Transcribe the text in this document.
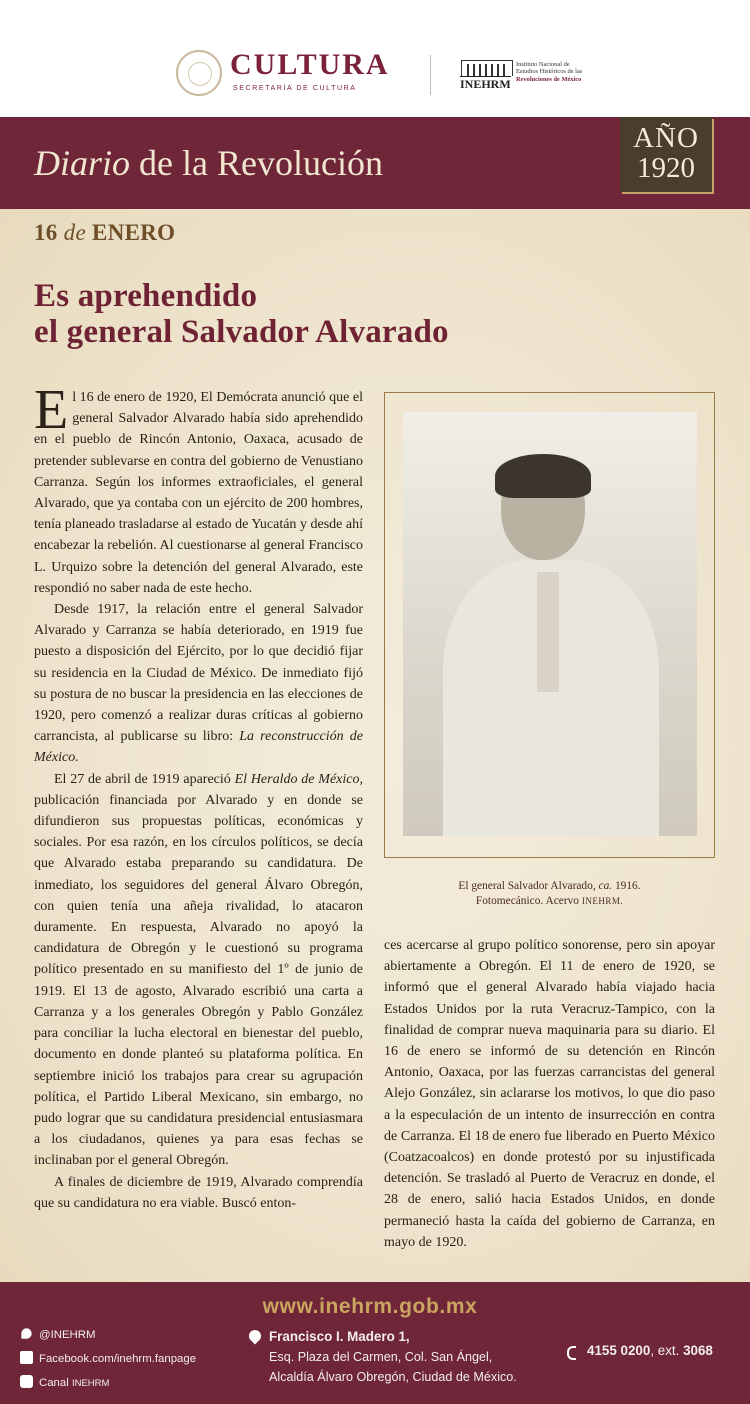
CULTURA
SECRETARÍA DE CULTURA	INEHRM
Instituto Nacional de
Estudios Históricos de las
Revoluciones de México
Diario de la Revolución
AÑO
1920
16 de ENERO
Es aprehendido
el general Salvador Alvarado

El 16 de enero de 1920, El Demócrata anunció que el general Salvador Alvarado había sido aprehendido en el pueblo de Rincón Antonio, Oaxaca, acusado de pretender sublevarse en contra del gobierno de Venustiano Carranza. Según los informes extraoficiales, el general Alvarado, que ya contaba con un ejército de 200 hombres, tenía planeado trasladarse al estado de Yucatán y desde ahí encabezar la rebelión. Al cuestionarse al general Francisco L. Urquizo sobre la detención del general Alvarado, este respondió no saber nada de este hecho.

Desde 1917, la relación entre el general Salvador Alvarado y Carranza se había deteriorado, en 1919 fue puesto a disposición del Ejército, por lo que decidió fijar su residencia en la Ciudad de México. De inmediato fijó su postura de no buscar la presidencia en las elecciones de 1920, pero comenzó a realizar duras críticas al gobierno carrancista, al publicarse su libro: La reconstrucción de México.

El 27 de abril de 1919 apareció El Heraldo de México, publicación financiada por Alvarado y en donde se difundieron sus propuestas políticas, económicas y sociales. Por esa razón, en los círculos políticos, se decía que Alvarado estaba preparando su candidatura. De inmediato, los seguidores del general Álvaro Obregón, con quien tenía una añeja rivalidad, lo atacaron duramente. En respuesta, Alvarado no apoyó la candidatura de Obregón y le cuestionó su programa político presentado en su manifiesto del 1º de junio de 1919. El 13 de agosto, Alvarado escribió una carta a Carranza y a los generales Obregón y Pablo González para conciliar la lucha electoral en bienestar del pueblo, documento en donde planteó su plataforma política. En septiembre inició los trabajos para crear su agrupación política, el Partido Liberal Mexicano, sin embargo, no pudo lograr que su candidatura presidencial entusiasmara a los ciudadanos, quienes ya para esas fechas se inclinaban por el general Obregón.

A finales de diciembre de 1919, Alvarado comprendía que su candidatura no era viable. Buscó enton-

El general Salvador Alvarado, ca. 1916.
Fotomecánico. Acervo INEHRM.

ces acercarse al grupo político sonorense, pero sin apoyar abiertamente a Obregón. El 11 de enero de 1920, se informó que el general Alvarado había viajado hacia Estados Unidos por la ruta Veracruz-Tampico, con la finalidad de comprar nueva maquinaria para su diario. El 16 de enero se informó de su detención en Rincón Antonio, Oaxaca, por las fuerzas carrancistas del general Alejo González, sin aclararse los motivos, lo que dio paso a la especulación de un intento de insurrección en contra de Carranza. El 18 de enero fue liberado en Puerto México (Coatzacoalcos) en donde protestó por su injustificada detención. Se trasladó al Puerto de Veracruz en donde, el 28 de enero, salió hacia Estados Unidos, en donde permaneció hasta la caída del gobierno de Carranza, en mayo de 1920.

www.inehrm.gob.mx
@INEHRM
Facebook.com/inehrm.fanpage
Canal INEHRM
Francisco I. Madero 1,
Esq. Plaza del Carmen, Col. San Ángel,
Alcaldía Álvaro Obregón, Ciudad de México.
4155 0200, ext. 3068
